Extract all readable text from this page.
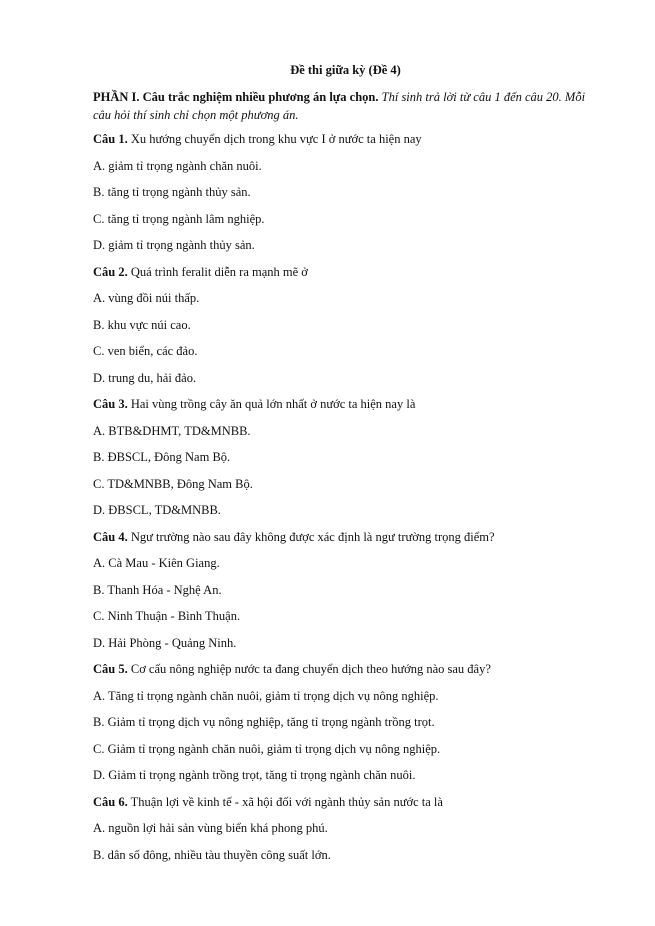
Đề thi giữa kỳ (Đề 4)
PHẦN I. Câu trắc nghiệm nhiều phương án lựa chọn. Thí sinh trả lời từ câu 1 đến câu 20. Mỗi câu hỏi thí sinh chỉ chọn một phương án.
Câu 1. Xu hướng chuyển dịch trong khu vực I ở nước ta hiện nay
A. giảm tỉ trọng ngành chăn nuôi.
B. tăng tỉ trọng ngành thủy sản.
C. tăng tỉ trọng ngành lâm nghiệp.
D. giảm tỉ trọng ngành thủy sản.
Câu 2. Quá trình feralit diễn ra mạnh mẽ ở
A. vùng đồi núi thấp.
B. khu vực núi cao.
C. ven biển, các đảo.
D. trung du, hải đảo.
Câu 3. Hai vùng trồng cây ăn quả lớn nhất ở nước ta hiện nay là
A. BTB&DHMT, TD&MNBB.
B. ĐBSCL, Đông Nam Bộ.
C. TD&MNBB, Đông Nam Bộ.
D. ĐBSCL, TD&MNBB.
Câu 4. Ngư trường nào sau đây không được xác định là ngư trường trọng điểm?
A. Cà Mau - Kiên Giang.
B. Thanh Hóa - Nghệ An.
C. Ninh Thuận - Bình Thuận.
D. Hải Phòng - Quảng Ninh.
Câu 5. Cơ cấu nông nghiệp nước ta đang chuyển dịch theo hướng nào sau đây?
A. Tăng tỉ trọng ngành chăn nuôi, giảm tỉ trọng dịch vụ nông nghiệp.
B. Giảm tỉ trọng dịch vụ nông nghiệp, tăng tỉ trọng ngành trồng trọt.
C. Giảm tỉ trọng ngành chăn nuôi, giảm tỉ trọng dịch vụ nông nghiệp.
D. Giảm tỉ trọng ngành trồng trọt, tăng tỉ trọng ngành chăn nuôi.
Câu 6. Thuận lợi về kinh tế - xã hội đối với ngành thủy sản nước ta là
A. nguồn lợi hải sản vùng biển khá phong phú.
B. dân số đông, nhiều tàu thuyền công suất lớn.
